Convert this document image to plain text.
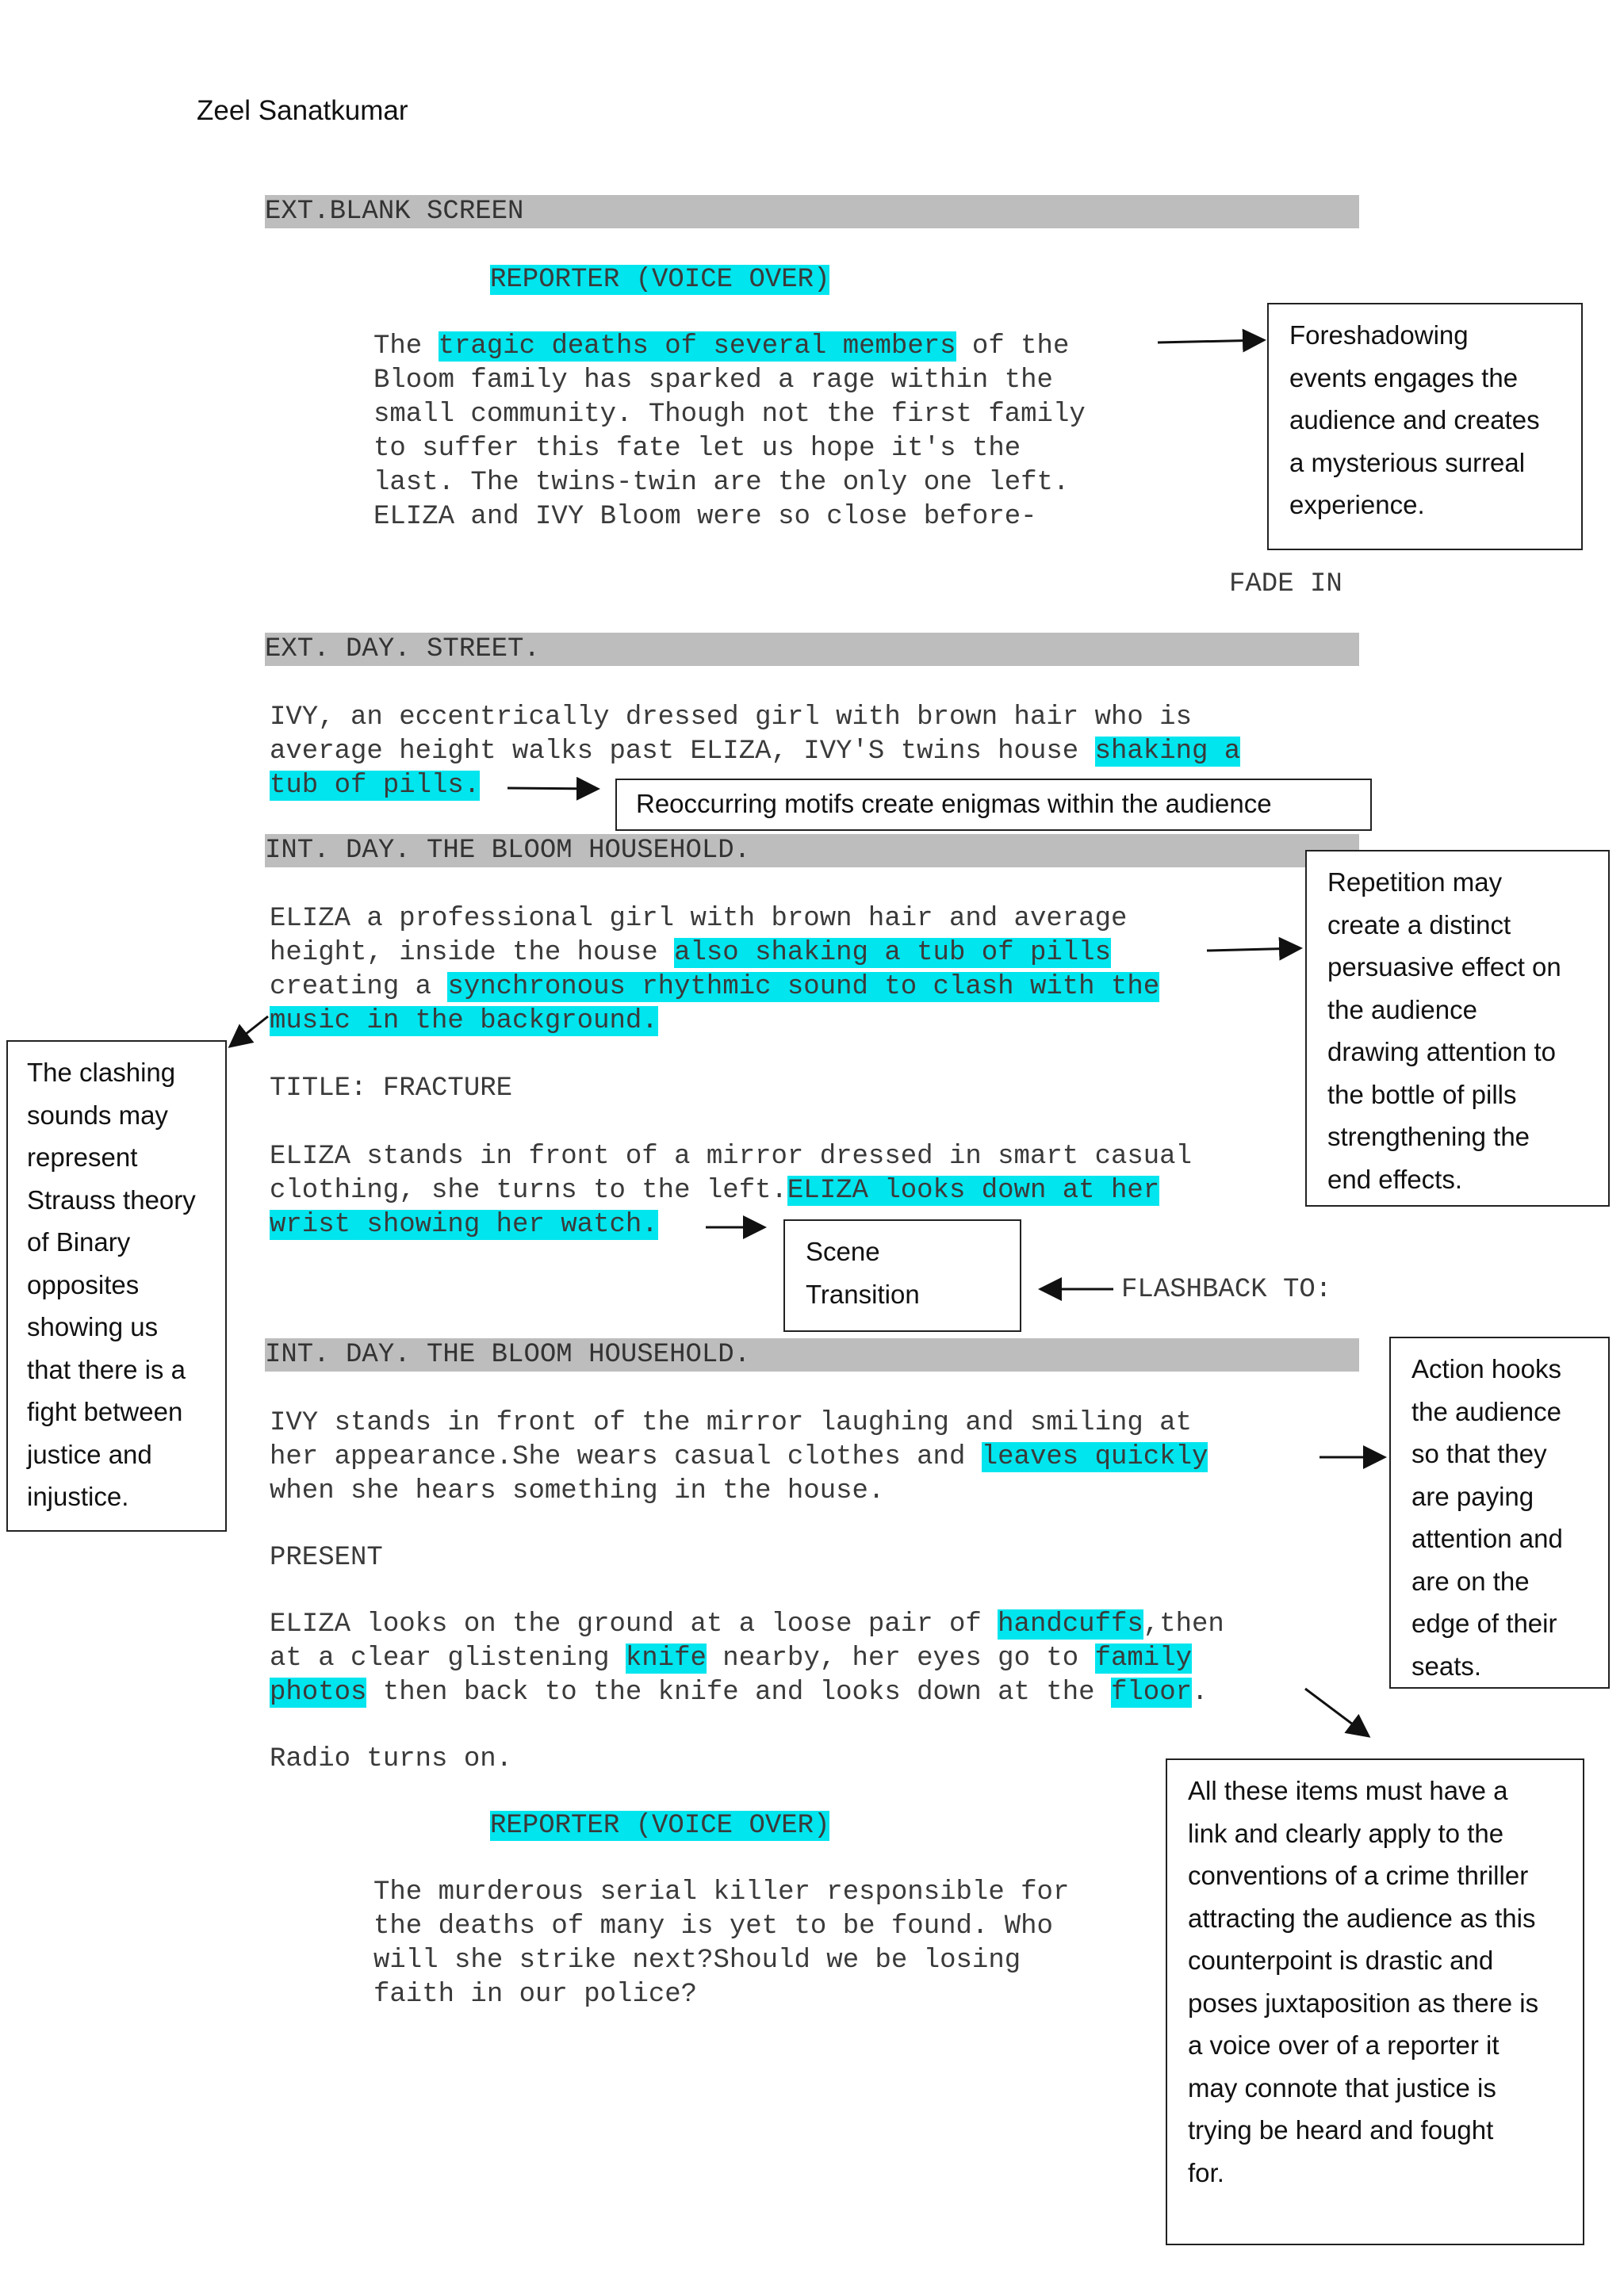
Zeel Sanatkumar
EXT.BLANK SCREEN
EXT. DAY. STREET.
INT. DAY. THE BLOOM HOUSEHOLD.
INT. DAY. THE BLOOM HOUSEHOLD.
REPORTER (VOICE OVER)
The tragic deaths of several members of the
Bloom family has sparked a rage within the
small community. Though not the first family
to suffer this fate let us hope it's the
last. The twins-twin are the only one left.
ELIZA and IVY Bloom were so close before-
FADE IN
IVY, an eccentrically dressed girl with brown hair who is
average height walks past ELIZA, IVY'S twins house shaking a
tub of pills.
ELIZA a professional girl with brown hair and average
height, inside the house also shaking a tub of pills
creating a synchronous rhythmic sound to clash with the
music in the background.
TITLE: FRACTURE
ELIZA stands in front of a mirror dressed in smart casual
clothing, she turns to the left.ELIZA looks down at her
wrist showing her watch.
FLASHBACK TO:
IVY stands in front of the mirror laughing and smiling at
her appearance.She wears casual clothes and leaves quickly
when she hears something in the house.
PRESENT
ELIZA looks on the ground at a loose pair of handcuffs,then
at a clear glistening knife nearby, her eyes go to family
photos then back to the knife and looks down at the floor.
Radio turns on.
REPORTER (VOICE OVER)
The murderous serial killer responsible for
the deaths of many is yet to be found. Who
will she strike next?Should we be losing
faith in our police?
Foreshadowing
events engages the
audience and creates
a mysterious surreal
experience.
Reoccurring motifs create enigmas within the audience
Repetition may
create a distinct
persuasive effect on
the audience
drawing attention to
the bottle of pills
strengthening the
end effects.
The clashing
sounds may
represent
Strauss theory
of Binary
opposites
showing us
that there is a
fight between
justice and
injustice.
Scene
Transition
Action hooks
the audience
so that they
are paying
attention and
are on the
edge of their
seats.
All these items must have a
link and clearly apply to the
conventions of a crime thriller
attracting the audience as this
counterpoint is drastic and
poses juxtaposition as there is
a voice over of a reporter it
may connote that justice is
trying be heard and fought
for.
